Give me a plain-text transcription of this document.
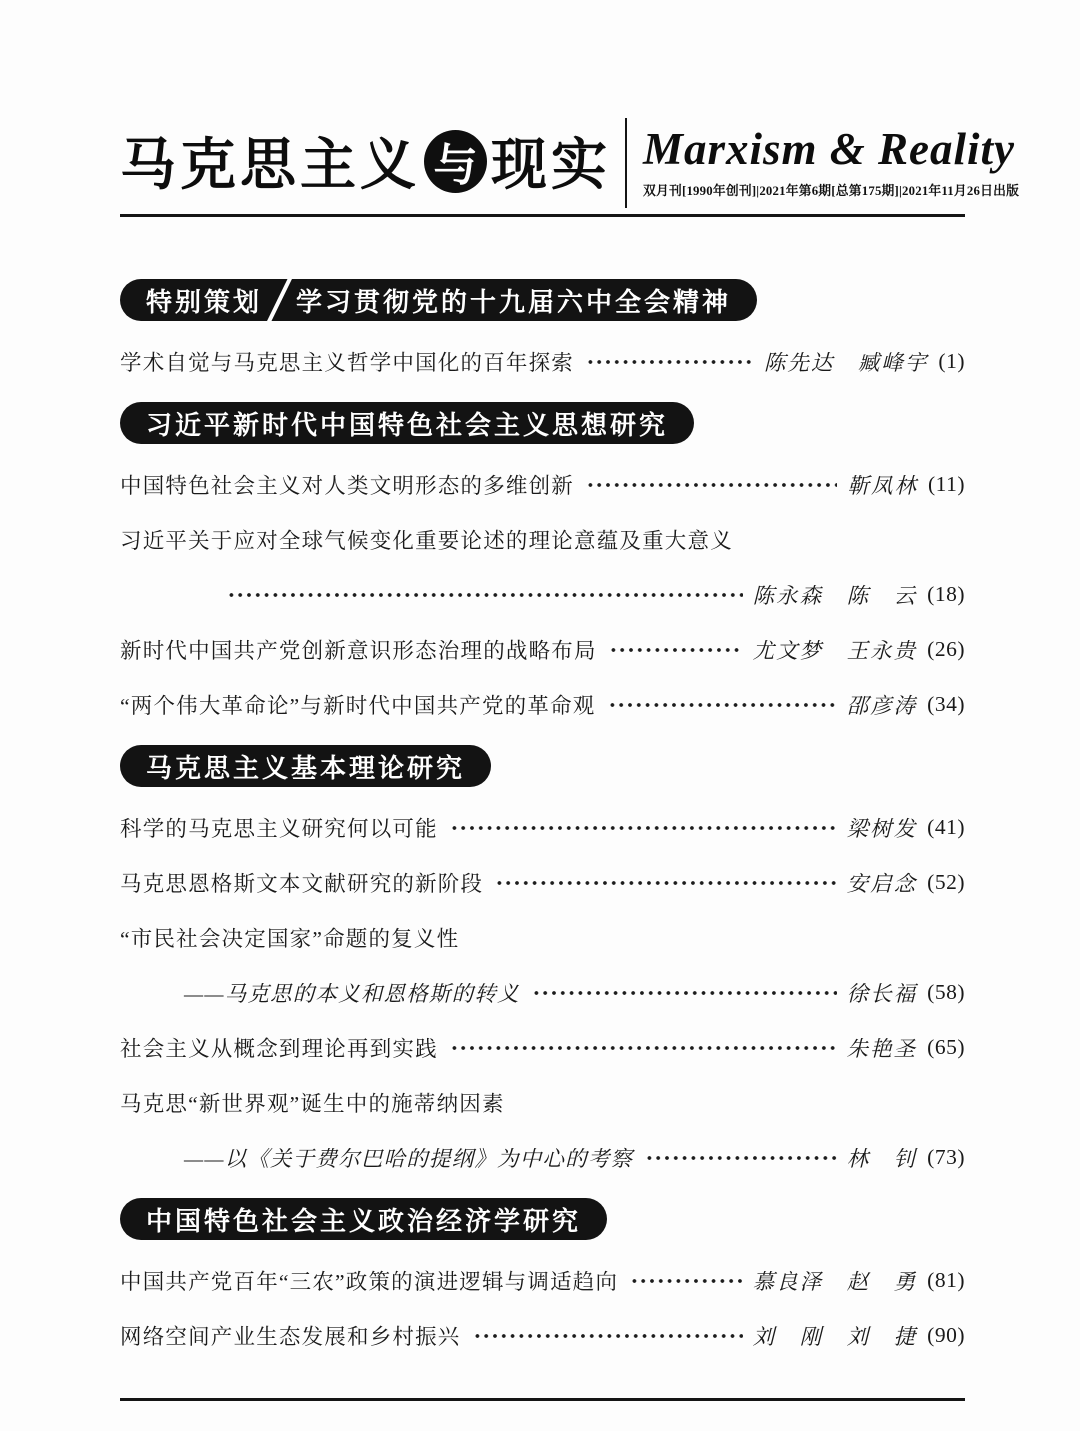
马克思主义 与 现实 Marxism & Reality
双月刊[1990年创刊]|2021年第6期[总第175期]|2021年11月26日出版
特别策划 学习贯彻党的十九届六中全会精神
学术自觉与马克思主义哲学中国化的百年探索	陈先达　臧峰宇 (1)
习近平新时代中国特色社会主义思想研究
中国特色社会主义对人类文明形态的多维创新	靳凤林 (11)
习近平关于应对全球气候变化重要论述的理论意蕴及重大意义
陈永森　陈　云 (18)
新时代中国共产党创新意识形态治理的战略布局	尤文梦　王永贵 (26)
“两个伟大革命论”与新时代中国共产党的革命观	邵彦涛 (34)
马克思主义基本理论研究
科学的马克思主义研究何以可能	梁树发 (41)
马克思恩格斯文本文献研究的新阶段	安启念 (52)
“市民社会决定国家”命题的复义性
——马克思的本义和恩格斯的转义	徐长福 (58)
社会主义从概念到理论再到实践	朱艳圣 (65)
马克思“新世界观”诞生中的施蒂纳因素
——以《关于费尔巴哈的提纲》为中心的考察	林　钊 (73)
中国特色社会主义政治经济学研究
中国共产党百年“三农”政策的演进逻辑与调适趋向	慕良泽　赵　勇 (81)
网络空间产业生态发展和乡村振兴	刘　刚　刘　捷 (90)
